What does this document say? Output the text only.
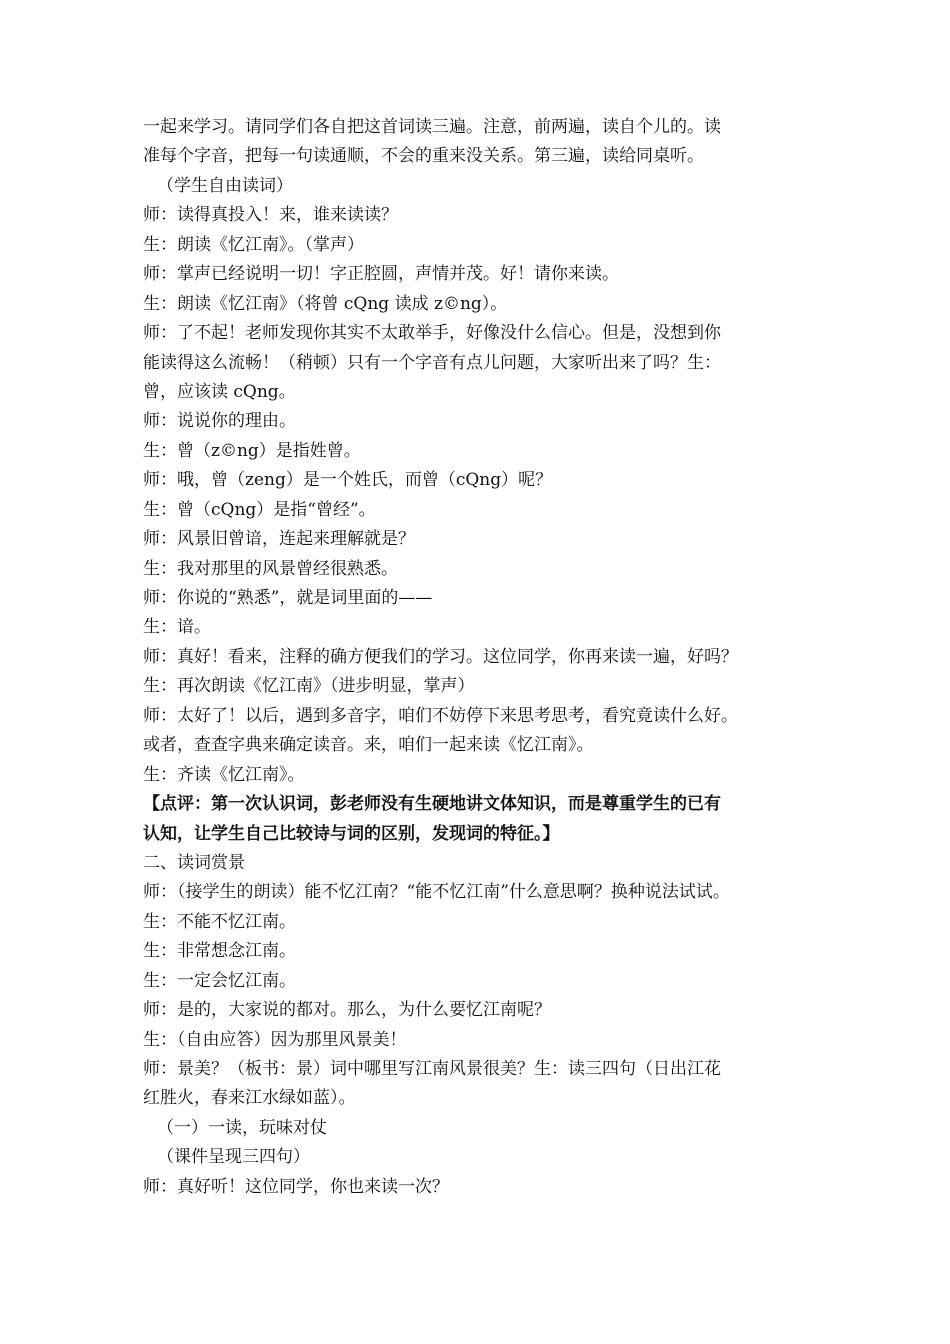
一起来学习。请同学们各自把这首词读三遍。注意，前两遍，读自个儿的。读
准每个字音，把每一句读通顺，不会的重来没关系。第三遍，读给同桌听。
（学生自由读词）
师：读得真投入！来，谁来读读？
生：朗读《忆江南》。（掌声）
师：掌声已经说明一切！字正腔圆，声情并茂。好！请你来读。
生：朗读《忆江南》（将曾 cQng 读成 z©ng）。
师：了不起！老师发现你其实不太敢举手，好像没什么信心。但是，没想到你
能读得这么流畅！（稍顿）只有一个字音有点儿问题，大家听出来了吗？生：
曾，应该读 cQng。
师：说说你的理由。
生：曾（z©ng）是指姓曾。
师：哦，曾（zeng）是一个姓氏，而曾（cQng）呢？
生：曾（cQng）是指“曾经”。
师：风景旧曾谙，连起来理解就是？
生：我对那里的风景曾经很熟悉。
师：你说的“熟悉”，就是词里面的——
生：谙。
师：真好！看来，注释的确方便我们的学习。这位同学，你再来读一遍，好吗？
生：再次朗读《忆江南》（进步明显，掌声）
师：太好了！以后，遇到多音字，咱们不妨停下来思考思考，看究竟读什么好。
或者，查查字典来确定读音。来，咱们一起来读《忆江南》。
生：齐读《忆江南》。
【点评：第一次认识词，彭老师没有生硬地讲文体知识，而是尊重学生的已有
认知，让学生自己比较诗与词的区别，发现词的特征。】
二、读词赏景
师：（接学生的朗读）能不忆江南？“能不忆江南”什么意思啊？换种说法试试。
生：不能不忆江南。
生：非常想念江南。
生：一定会忆江南。
师：是的，大家说的都对。那么，为什么要忆江南呢？
生：（自由应答）因为那里风景美！
师：景美？（板书：景）词中哪里写江南风景很美？生：读三四句（日出江花
红胜火，春来江水绿如蓝）。
（一）一读，玩味对仗
（课件呈现三四句）
师：真好听！这位同学，你也来读一次？
